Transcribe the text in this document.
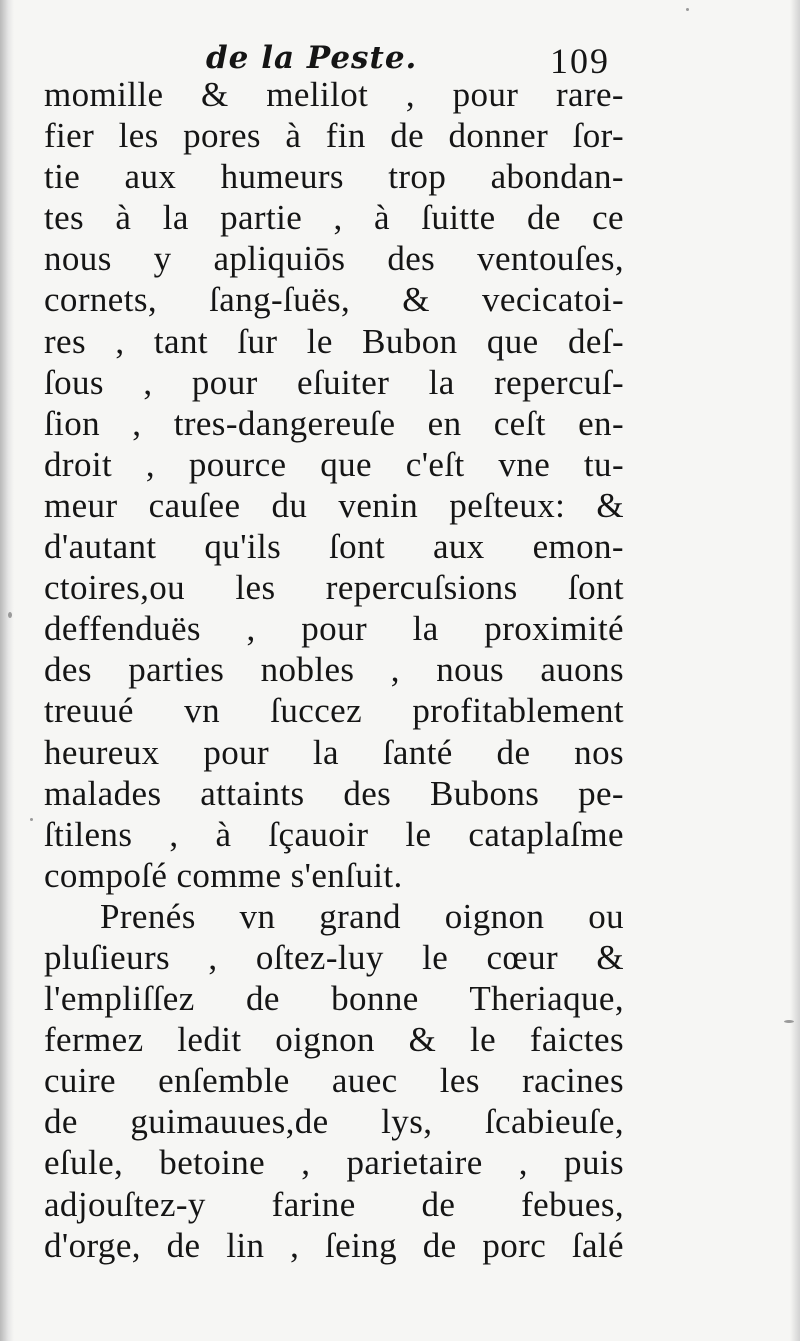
de la Peste.	109
momille & melilot , pour rare-
fier les pores à fin de donner ſor-
tie aux humeurs trop abondan-
tes à la partie , à ſuitte de ce
nous y apliquiōs des ventouſes,
cornets, ſang-ſuës, & vecicatoi-
res , tant ſur le Bubon que deſ-
ſous , pour eſuiter la repercuſ-
ſion , tres-dangereuſe en ceſt en-
droit , pource que c'eſt vne tu-
meur cauſee du venin peſteux: &
d'autant qu'ils ſont aux emon-
ctoires,ou les repercuſsions ſont
deffenduës , pour la proximité
des parties nobles , nous auons
treuué vn ſuccez profitablement
heureux pour la ſanté de nos
malades attaints des Bubons pe-
ſtilens , à ſçauoir le cataplaſme
compoſé comme s'enſuit.
Prenés vn grand oignon ou
pluſieurs , oſtez-luy le cœur &
l'empliſſez de bonne Theriaque,
fermez ledit oignon & le faictes
cuire enſemble auec les racines
de guimauues,de lys, ſcabieuſe,
eſule, betoine , parietaire , puis
adjouſtez-y farine de febues,
d'orge, de lin , ſeing de porc ſalé
